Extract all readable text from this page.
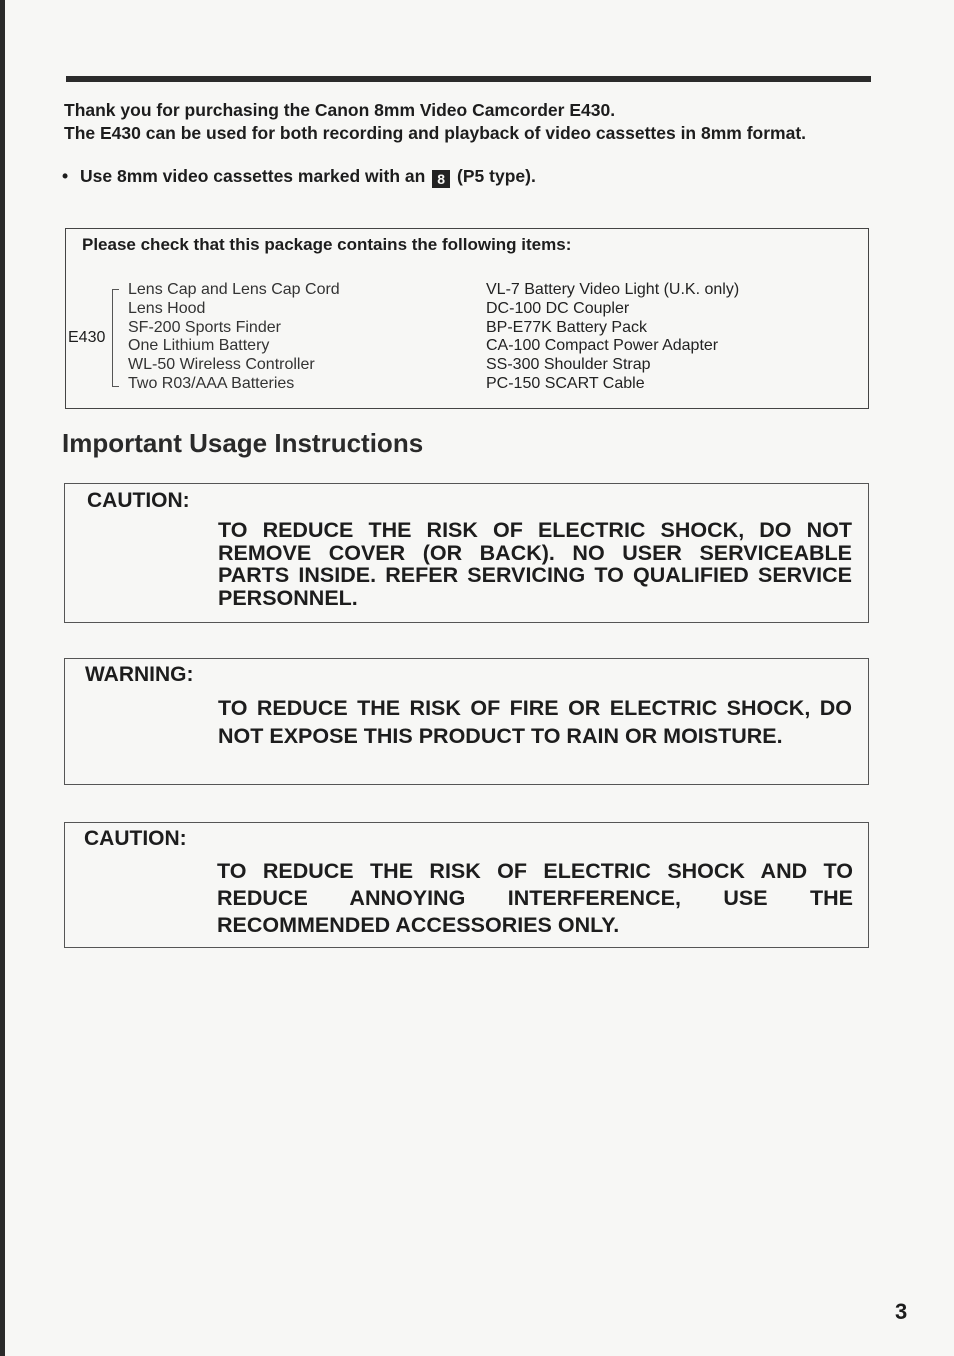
Thank you for purchasing the Canon 8mm Video Camcorder E430.
The E430 can be used for both recording and playback of video cassettes in 8mm format.
• Use 8mm video cassettes marked with an 8 (P5 type).
Please check that this package contains the following items:
E430
Lens Cap and Lens Cap Cord
Lens Hood
SF-200 Sports Finder
One Lithium Battery
WL-50 Wireless Controller
Two R03/AAA Batteries
VL-7 Battery Video Light (U.K. only)
DC-100 DC Coupler
BP-E77K Battery Pack
CA-100 Compact Power Adapter
SS-300 Shoulder Strap
PC-150 SCART Cable
Important Usage Instructions
CAUTION:
TO REDUCE THE RISK OF ELECTRIC SHOCK, DO NOT REMOVE COVER (OR BACK). NO USER SERVICEABLE PARTS INSIDE. REFER SERVICING TO QUALIFIED SERVICE PERSONNEL.
WARNING:
TO REDUCE THE RISK OF FIRE OR ELECTRIC SHOCK, DO NOT EXPOSE THIS PRODUCT TO RAIN OR MOISTURE.
CAUTION:
TO REDUCE THE RISK OF ELECTRIC SHOCK AND TO REDUCE ANNOYING INTERFERENCE, USE THE RECOMMENDED ACCESSORIES ONLY.
3
